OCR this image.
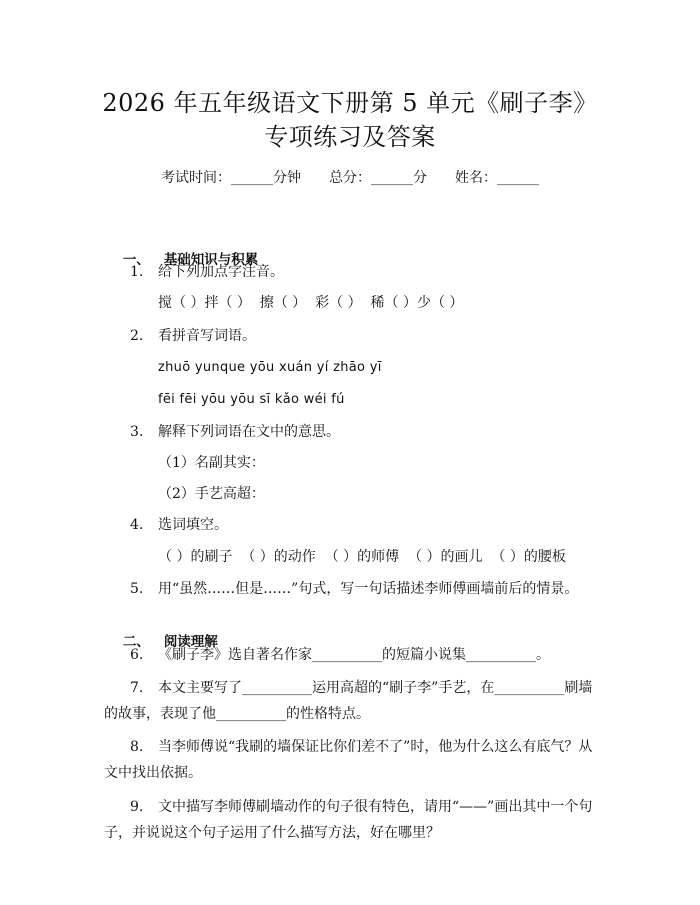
2026 年五年级语文下册第 5 单元《刷子李》
专项练习及答案
考试时间：______分钟 总分：______分 姓名：______

一、 基础知识与积累

1. 给下列加点字注音。
搅（ ）拌（ ）  擦（ ）  彩（ ）  稀（ ）少（ ）
2. 看拼音写词语。
zhuō yunque yōu xuán yí zhāo yī
fēi fēi yōu yōu sī kǎo wéi fú
3. 解释下列词语在文中的意思。
（1）名副其实：
（2）手艺高超：
4. 选词填空。
（ ）的刷子  （ ）的动作  （ ）的师傅  （ ）的画儿  （ ）的腰板
5. 用“虽然……但是……”句式，写一句话描述李师傅画墙前后的情景。

二、 阅读理解

6. 《刷子李》选自著名作家__________的短篇小说集__________。
7. 本文主要写了__________运用高超的“刷子李”手艺，在__________刷墙
的故事，表现了他__________的性格特点。
8. 当李师傅说“我刷的墙保证比你们差不了”时，他为什么这么有底气？从
文中找出依据。
9. 文中描写李师傅刷墙动作的句子很有特色，请用“——”画出其中一个句
子，并说说这个句子运用了什么描写方法，好在哪里？
